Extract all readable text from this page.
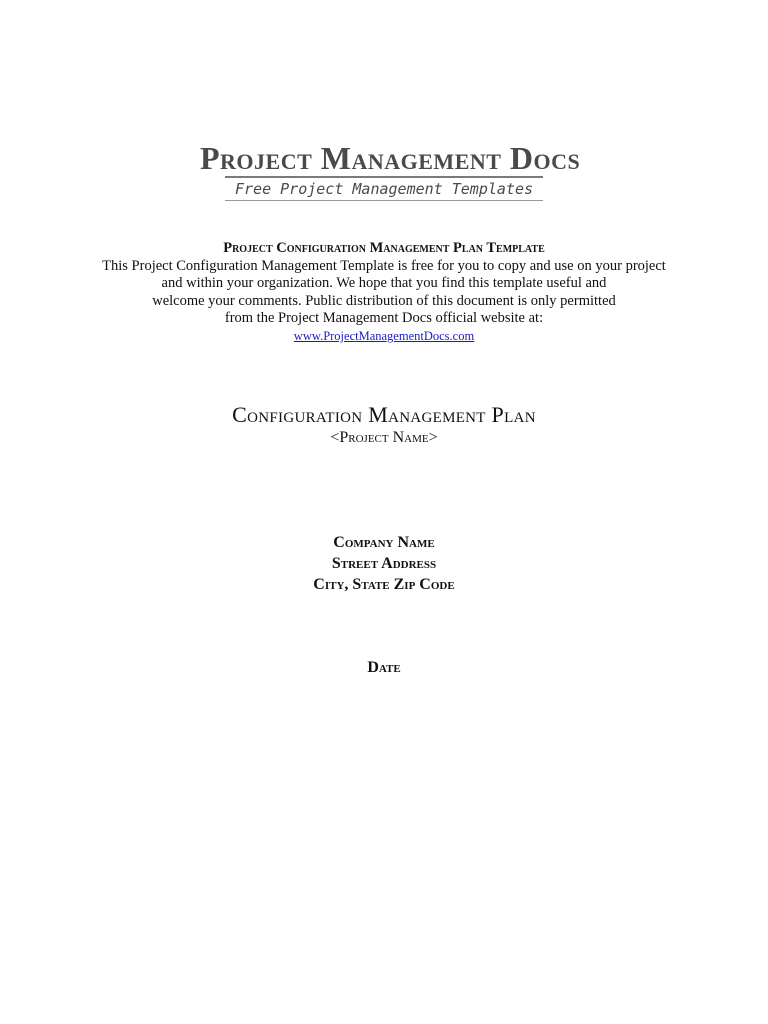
Project Management Docs
Free Project Management Templates
Project Configuration Management Plan Template
This Project Configuration Management Template is free for you to copy and use on your project
and within your organization. We hope that you find this template useful and
welcome your comments. Public distribution of this document is only permitted
from the Project Management Docs official website at:
www.ProjectManagementDocs.com
Configuration Management Plan
<Project Name>
Company Name
Street Address
City, State Zip Code
Date
